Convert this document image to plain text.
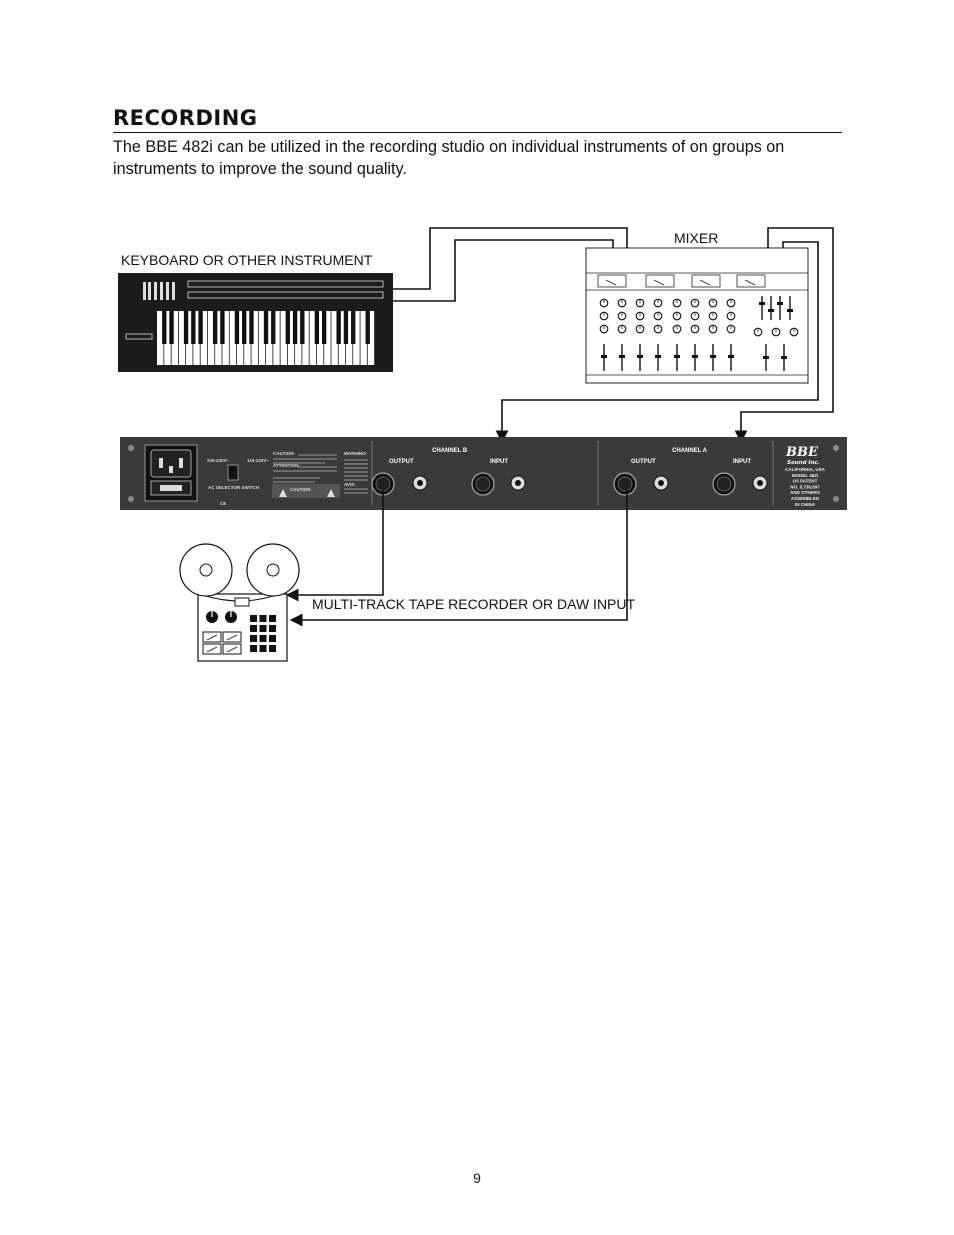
RECORDING
The BBE 482i can be utilized in the recording studio on individual instruments of on groups on instruments to improve the sound quality.
KEYBOARD OR OTHER INSTRUMENT
MIXER
MULTI-TRACK TAPE RECORDER OR DAW INPUT
220-240V~	110-120V~
AC SELECTOR SWITCH
CE
CAUTION:
ATTENTION:
CAUTION
WARNING:
AVIS:
CHANNEL B	CHANNEL A
OUTPUT	INPUT	OUTPUT	INPUT
BBE
Sound Inc.
CALIFORNIA, USA
MODEL 482i
US PATENT
NO. 5,736,897
AND OTHERS
ASSEMBLED
IN CHINA
9
